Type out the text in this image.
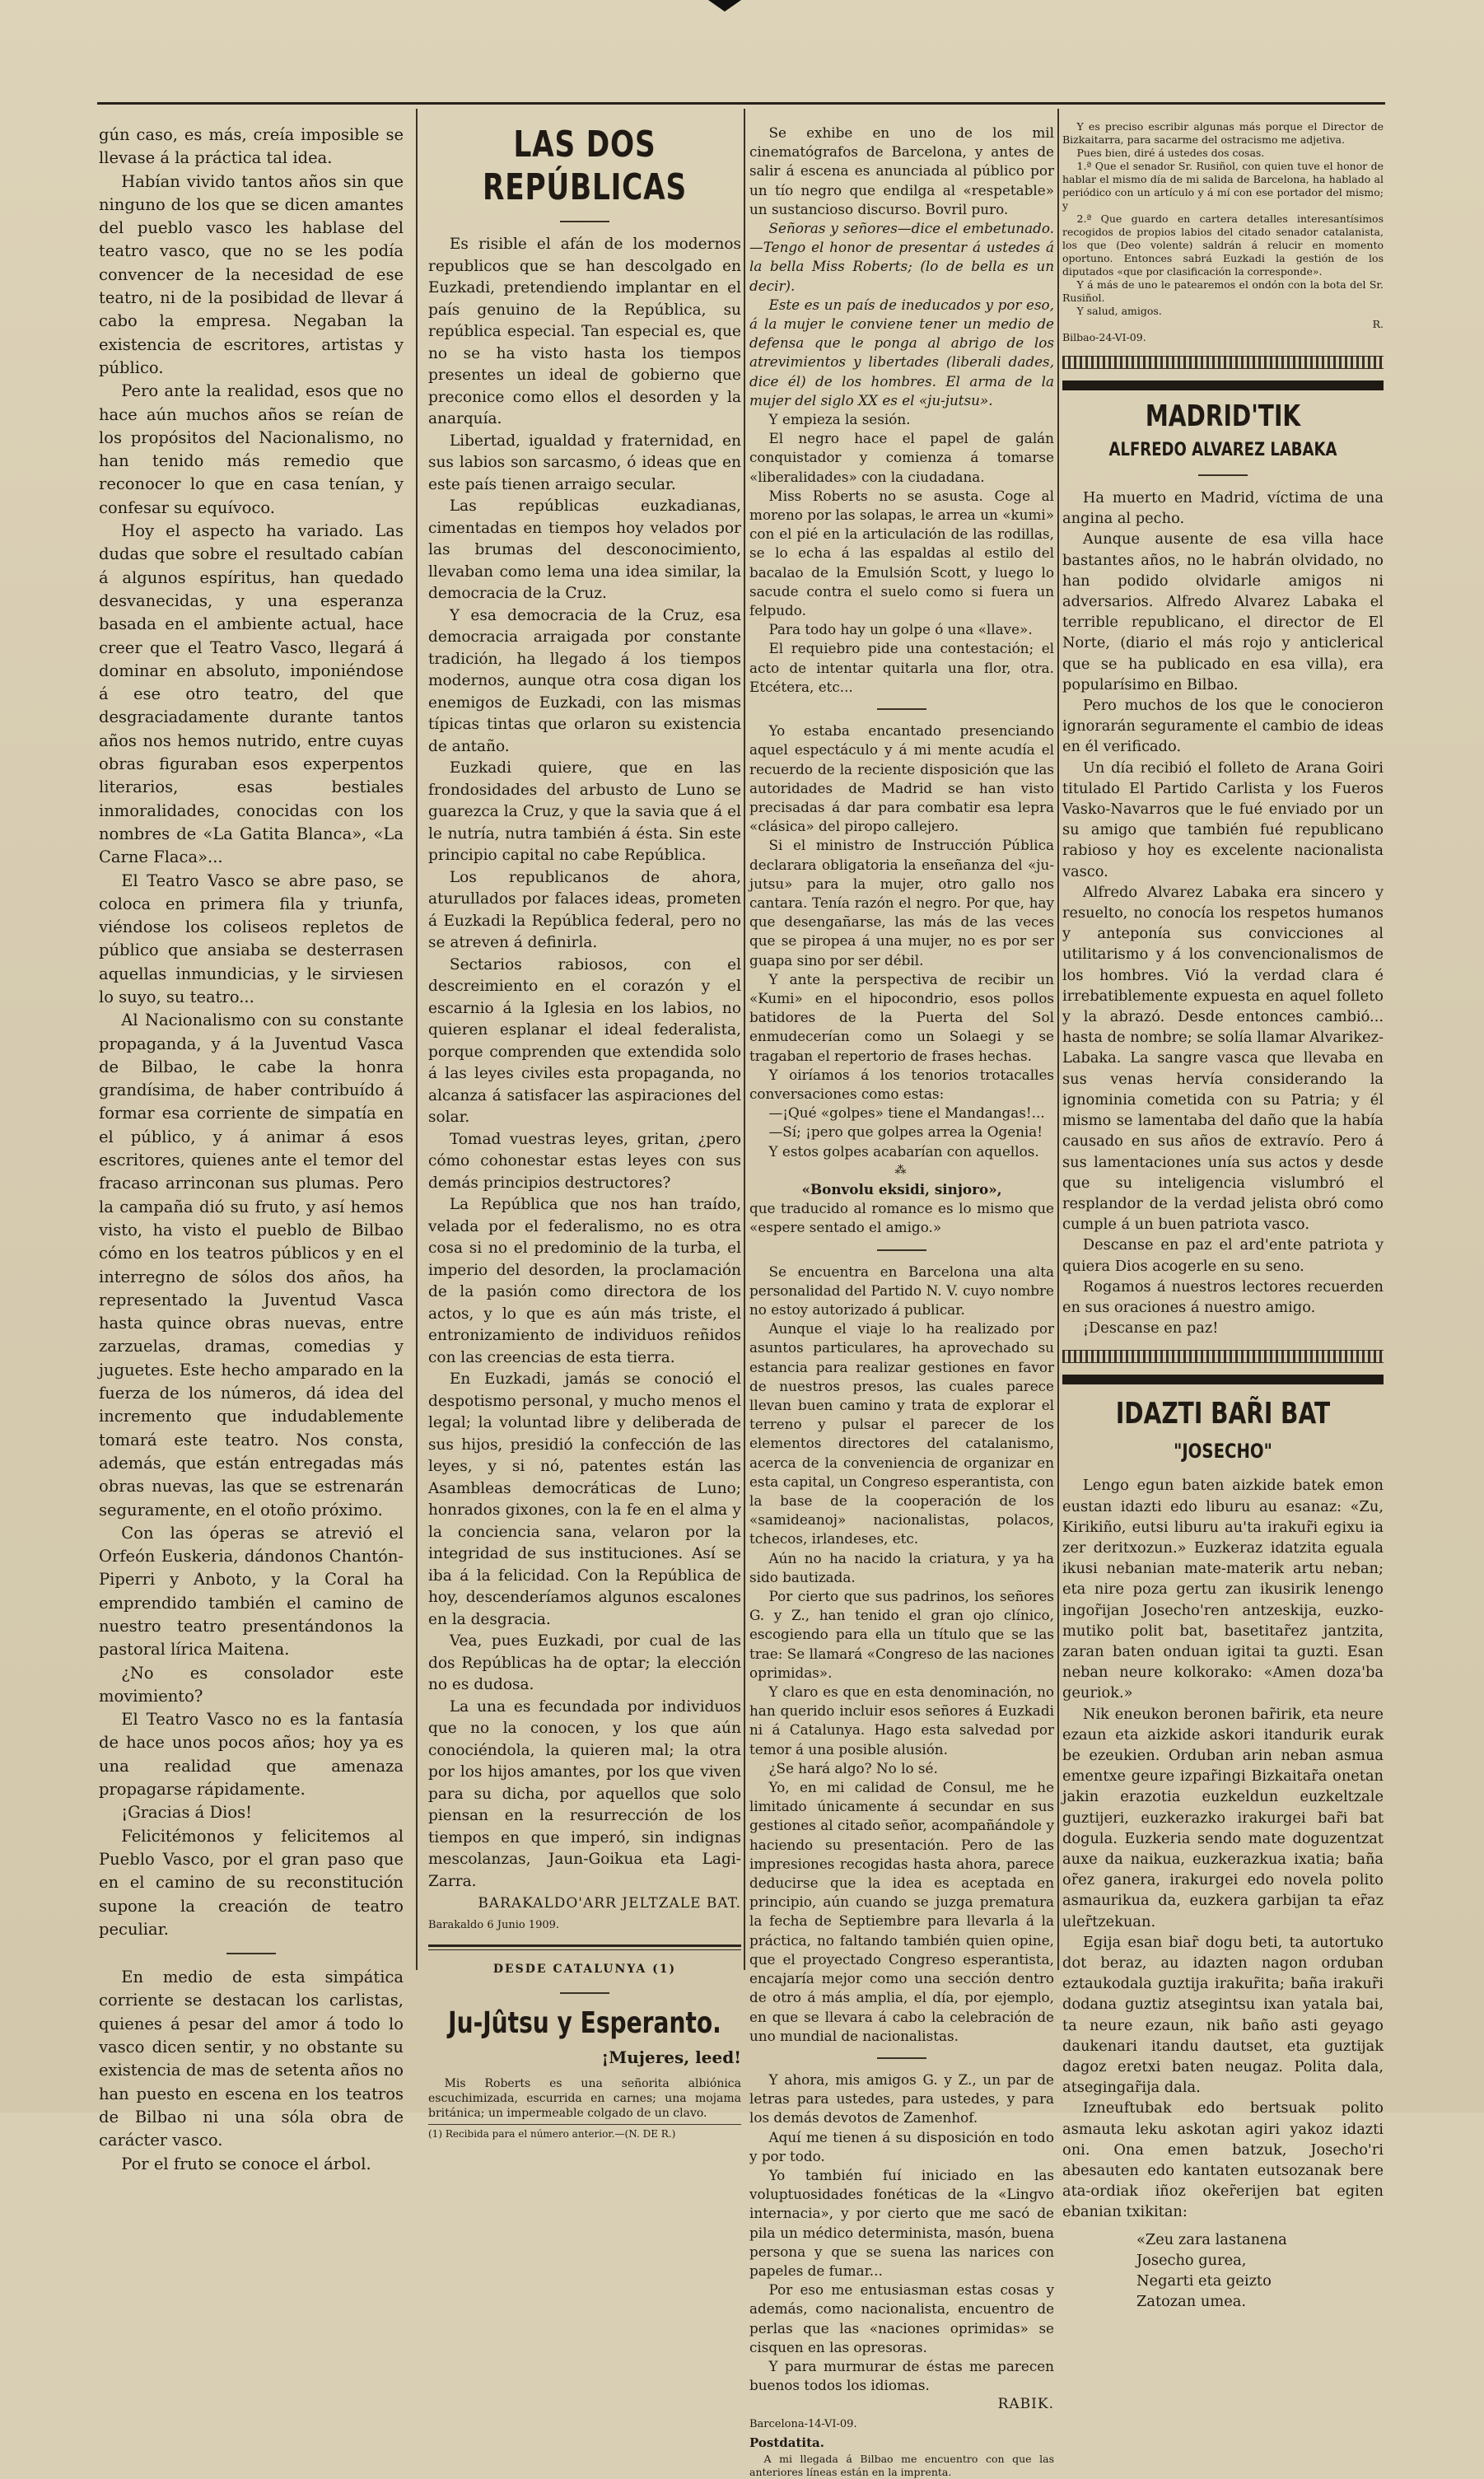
gún caso, es más, creía imposible se llevase á la práctica tal idea.

Habían vivido tantos años sin que ninguno de los que se dicen amantes del pueblo vasco les hablase del teatro vasco, que no se les podía convencer de la necesidad de ese teatro, ni de la posibidad de llevar á cabo la empresa. Negaban la existencia de escritores, artistas y público.

Pero ante la realidad, esos que no hace aún muchos años se reían de los propósitos del Nacionalismo, no han tenido más remedio que reconocer lo que en casa tenían, y confesar su equívoco.

Hoy el aspecto ha variado. Las dudas que sobre el resultado cabían á algunos espíritus, han quedado desvanecidas, y una esperanza basada en el ambiente actual, hace creer que el Teatro Vasco, llegará á dominar en absoluto, imponiéndose á ese otro teatro, del que desgraciadamente durante tantos años nos hemos nutrido, entre cuyas obras figuraban esos experpentos literarios, esas bestiales inmoralidades, conocidas con los nombres de «La Gatita Blanca», «La Carne Flaca»...

El Teatro Vasco se abre paso, se coloca en primera fila y triunfa, viéndose los coliseos repletos de público que ansiaba se desterrasen aquellas inmundicias, y le sirviesen lo suyo, su teatro...

Al Nacionalismo con su constante propaganda, y á la Juventud Vasca de Bilbao, le cabe la honra grandísima, de haber contribuído á formar esa corriente de simpatía en el público, y á animar á esos escritores, quienes ante el temor del fracaso arrinconan sus plumas. Pero la campaña dió su fruto, y así hemos visto, ha visto el pueblo de Bilbao cómo en los teatros públicos y en el interregno de sólos dos años, ha representado la Juventud Vasca hasta quince obras nuevas, entre zarzuelas, dramas, comedias y juguetes. Este hecho amparado en la fuerza de los números, dá idea del incremento que indudablemente tomará este teatro. Nos consta, además, que están entregadas más obras nuevas, las que se estrenarán seguramente, en el otoño próximo.

Con las óperas se atrevió el Orfeón Euskeria, dándonos Chantón-Piperri y Anboto, y la Coral ha emprendido también el camino de nuestro teatro presentándonos la pastoral lírica Maitena.

¿No es consolador este movimiento?

El Teatro Vasco no es la fantasía de hace unos pocos años; hoy ya es una realidad que amenaza propagarse rápidamente.

¡Gracias á Dios!

Felicitémonos y felicitemos al Pueblo Vasco, por el gran paso que en el camino de su reconstitución supone la creación de teatro peculiar.

En medio de esta simpática corriente se destacan los carlistas, quienes á pesar del amor á todo lo vasco dicen sentir, y no obstante su existencia de mas de setenta años no han puesto en escena en los teatros de Bilbao ni una sóla obra de carácter vasco.

Por el fruto se conoce el árbol.

LAS DOS REPÚBLICAS

Es risible el afán de los modernos republicos que se han descolgado en Euzkadi, pretendiendo implantar en el país genuino de la República, su república especial. Tan especial es, que no se ha visto hasta los tiempos presentes un ideal de gobierno que preconice como ellos el desorden y la anarquía.

Libertad, igualdad y fraternidad, en sus labios son sarcasmo, ó ideas que en este país tienen arraigo secular.

Las repúblicas euzkadianas, cimentadas en tiempos hoy velados por las brumas del desconocimiento, llevaban como lema una idea similar, la democracia de la Cruz.

Y esa democracia de la Cruz, esa democracia arraigada por constante tradición, ha llegado á los tiempos modernos, aunque otra cosa digan los enemigos de Euzkadi, con las mismas típicas tintas que orlaron su existencia de antaño.

Euzkadi quiere, que en las frondosidades del arbusto de Luno se guarezca la Cruz, y que la savia que á el le nutría, nutra también á ésta. Sin este principio capital no cabe República.

Los republicanos de ahora, aturullados por falaces ideas, prometen á Euzkadi la República federal, pero no se atreven á definirla.

Sectarios rabiosos, con el descreimiento en el corazón y el escarnio á la Iglesia en los labios, no quieren esplanar el ideal federalista, porque comprenden que extendida solo á las leyes civiles esta propaganda, no alcanza á satisfacer las aspiraciones del solar.

Tomad vuestras leyes, gritan, ¿pero cómo cohonestar estas leyes con sus demás principios destructores?

La República que nos han traído, velada por el federalismo, no es otra cosa si no el predominio de la turba, el imperio del desorden, la proclamación de la pasión como directora de los actos, y lo que es aún más triste, el entronizamiento de individuos reñidos con las creencias de esta tierra.

En Euzkadi, jamás se conoció el despotismo personal, y mucho menos el legal; la voluntad libre y deliberada de sus hijos, presidió la confección de las leyes, y si nó, patentes están las Asambleas democráticas de Luno; honrados gixones, con la fe en el alma y la conciencia sana, velaron por la integridad de sus instituciones. Así se iba á la felicidad. Con la República de hoy, descenderíamos algunos escalones en la desgracia.

Vea, pues Euzkadi, por cual de las dos Repúblicas ha de optar; la elección no es dudosa.

La una es fecundada por individuos que no la conocen, y los que aún conociéndola, la quieren mal; la otra por los hijos amantes, por los que viven para su dicha, por aquellos que solo piensan en la resurrección de los tiempos en que imperó, sin indignas mescolanzas, Jaun-Goikua eta Lagi-Zarra.

BARAKALDO'ARR JELTZALE BAT.

Barakaldo 6 Junio 1909.

DESDE CATALUNYA (1)
Ju-Jûtsu y Esperanto.

¡Mujeres, leed!

Mis Roberts es una señorita albiónica escuchimizada, escurrida en carnes; una mojama británica; un impermeable colgado de un clavo.

(1) Recibida para el número anterior.—(N. DE R.)

Se exhibe en uno de los mil cinematógrafos de Barcelona, y antes de salir á escena es anunciada al público por un tío negro que endilga al «respetable» un sustancioso discurso. Bovril puro.

Señoras y señores—dice el embetunado.—Tengo el honor de presentar á ustedes á la bella Miss Roberts; (lo de bella es un decir).

Este es un país de ineducados y por eso, á la mujer le conviene tener un medio de defensa que le ponga al abrigo de los atrevimientos y libertades (liberali dades, dice él) de los hombres. El arma de la mujer del siglo XX es el «ju-jutsu».

Y empieza la sesión.

El negro hace el papel de galán conquistador y comienza á tomarse «liberalidades» con la ciudadana.

Miss Roberts no se asusta. Coge al moreno por las solapas, le arrea un «kumi» con el pié en la articulación de las rodillas, se lo echa á las espaldas al estilo del bacalao de la Emulsión Scott, y luego lo sacude contra el suelo como si fuera un felpudo.

Para todo hay un golpe ó una «llave».

El requiebro pide una contestación; el acto de intentar quitarla una flor, otra. Etcétera, etc...

Yo estaba encantado presenciando aquel espectáculo y á mi mente acudía el recuerdo de la reciente disposición que las autoridades de Madrid se han visto precisadas á dar para combatir esa lepra «clásica» del piropo callejero.

Si el ministro de Instrucción Pública declarara obligatoria la enseñanza del «ju-jutsu» para la mujer, otro gallo nos cantara. Tenía razón el negro. Por que, hay que desengañarse, las más de las veces que se piropea á una mujer, no es por ser guapa sino por ser débil.

Y ante la perspectiva de recibir un «Kumi» en el hipocondrio, esos pollos batidores de la Puerta del Sol enmudecerían como un Solaegi y se tragaban el repertorio de frases hechas.

Y oiríamos á los tenorios trotacalles conversaciones como estas:

—¡Qué «golpes» tiene el Mandangas!...

—Sí; ¡pero que golpes arrea la Ogenia!

Y estos golpes acabarían con aquellos.

⁂

«Bonvolu eksidi, sinjoro»,

que traducido al romance es lo mismo que «espere sentado el amigo.»

Se encuentra en Barcelona una alta personalidad del Partido N. V. cuyo nombre no estoy autorizado á publicar.

Aunque el viaje lo ha realizado por asuntos particulares, ha aprovechado su estancia para realizar gestiones en favor de nuestros presos, las cuales parece llevan buen camino y trata de explorar el terreno y pulsar el parecer de los elementos directores del catalanismo, acerca de la conveniencia de organizar en esta capital, un Congreso esperantista, con la base de la cooperación de los «samideanoj» nacionalistas, polacos, tchecos, irlandeses, etc.

Aún no ha nacido la criatura, y ya ha sido bautizada.

Por cierto que sus padrinos, los señores G. y Z., han tenido el gran ojo clínico, escogiendo para ella un título que se las trae: Se llamará «Congreso de las naciones oprimidas».

Y claro es que en esta denominación, no han querido incluir esos señores á Euzkadi ni á Catalunya. Hago esta salvedad por temor á una posible alusión.

¿Se hará algo? No lo sé.

Yo, en mi calidad de Consul, me he limitado únicamente á secundar en sus gestiones al citado señor, acompañándole y haciendo su presentación. Pero de las impresiones recogidas hasta ahora, parece deducirse que la idea es aceptada en principio, aún cuando se juzga prematura la fecha de Septiembre para llevarla á la práctica, no faltando también quien opine, que el proyectado Congreso esperantista, encajaría mejor como una sección dentro de otro á más amplia, el día, por ejemplo, en que se llevara á cabo la celebración de uno mundial de nacionalistas.

Y ahora, mis amigos G. y Z., un par de letras para ustedes, para ustedes, y para los demás devotos de Zamenhof.

Aquí me tienen á su disposición en todo y por todo.

Yo también fuí iniciado en las voluptuosidades fonéticas de la «Lingvo internacia», y por cierto que me sacó de pila un médico determinista, masón, buena persona y que se suena las narices con papeles de fumar...

Por eso me entusiasman estas cosas y además, como nacionalista, encuentro de perlas que las «naciones oprimidas» se cisquen en las opresoras.

Y para murmurar de éstas me parecen buenos todos los idiomas.

RABIK.

Barcelona-14-VI-09.

Postdatita.

A mi llegada á Bilbao me encuentro con que las anteriores líneas están en la imprenta.

Y es preciso escribir algunas más porque el Director de Bizkaitarra, para sacarme del ostracismo me adjetiva.

Pues bien, diré á ustedes dos cosas.

1.ª Que el senador Sr. Rusiñol, con quien tuve el honor de hablar el mismo día de mi salida de Barcelona, ha hablado al periódico con un artículo y á mí con ese portador del mismo; y

2.ª Que guardo en cartera detalles interesantísimos recogidos de propios labios del citado senador catalanista, los que (Deo volente) saldrán á relucir en momento oportuno. Entonces sabrá Euzkadi la gestión de los diputados «que por clasificación la corresponde».

Y á más de uno le patearemos el ondón con la bota del Sr. Rusiñol.

Y salud, amigos.

R.

Bilbao-24-VI-09.

MADRID'TIK
ALFREDO ALVAREZ LABAKA

Ha muerto en Madrid, víctima de una angina al pecho.

Aunque ausente de esa villa hace bastantes años, no le habrán olvidado, no han podido olvidarle amigos ni adversarios. Alfredo Alvarez Labaka el terrible republicano, el director de El Norte, (diario el más rojo y anticlerical que se ha publicado en esa villa), era popularísimo en Bilbao.

Pero muchos de los que le conocieron ignorarán seguramente el cambio de ideas en él verificado.

Un día recibió el folleto de Arana Goiri titulado El Partido Carlista y los Fueros Vasko-Navarros que le fué enviado por un su amigo que también fué republicano rabioso y hoy es excelente nacionalista vasco.

Alfredo Alvarez Labaka era sincero y resuelto, no conocía los respetos humanos y anteponía sus convicciones al utilitarismo y á los convencionalismos de los hombres. Vió la verdad clara é irrebatiblemente expuesta en aquel folleto y la abrazó. Desde entonces cambió... hasta de nombre; se solía llamar Alvarikez-Labaka. La sangre vasca que llevaba en sus venas hervía considerando la ignominia cometida con su Patria; y él mismo se lamentaba del daño que la había causado en sus años de extravío. Pero á sus lamentaciones unía sus actos y desde que su inteligencia vislumbró el resplandor de la verdad jelista obró como cumple á un buen patriota vasco.

Descanse en paz el ard'ente patriota y quiera Dios acogerle en su seno.

Rogamos á nuestros lectores recuerden en sus oraciones á nuestro amigo.

¡Descanse en paz!

IDAZTI BAR̃I BAT
"JOSECHO"

Lengo egun baten aizkide batek emon eustan idazti edo liburu au esanaz: «Zu, Kirikiño, eutsi liburu au'ta irakur̃i egixu ia zer deritxozun.» Euzkeraz idatzita eguala ikusi nebanian mate-materik artu neban; eta nire poza gertu zan ikusirik lenengo ingor̃ijan Josecho'ren antzeskija, euzko-mutiko polit bat, basetitar̃ez jantzita, zaran baten onduan igitai ta guzti. Esan neban neure kolkorako: «Amen doza'ba geuriok.»

Nik eneukon beronen bar̃irik, eta neure ezaun eta aizkide askori itandurik eurak be ezeukien. Orduban arin neban asmua ementxe geure izpar̃ingi Bizkaitar̃a onetan jakin erazotia euzkeldun euzkeltzale guztijeri, euzkerazko irakurgei bar̃i bat dogula. Euzkeria sendo mate doguzentzat auxe da naikua, euzkerazkua ixatia; baña or̃ez ganera, irakurgei edo novela polito asmaurikua da, euzkera garbijan ta er̃az uler̃tzekuan.

Egija esan biar̃ dogu beti, ta autortuko dot beraz, au idazten nagon orduban eztaukodala guztija irakur̃ita; baña irakur̃i dodana guztiz atsegintsu ixan yatala bai, ta neure ezaun, nik baño asti geyago daukenari itandu dautset, eta guztijak dagoz eretxi baten neugaz. Polita dala, atsegingar̃ija dala.

Izneuftubak edo bertsuak polito asmauta leku askotan agiri yakoz idazti oni. Ona emen batzuk, Josecho'ri abesauten edo kantaten eutsozanak bere ata-ordiak iñoz oker̃erijen bat egiten ebanian txikitan:

«Zeu zara lastanena

Josecho gurea,

Negarti eta geizto

Zatozan umea.
